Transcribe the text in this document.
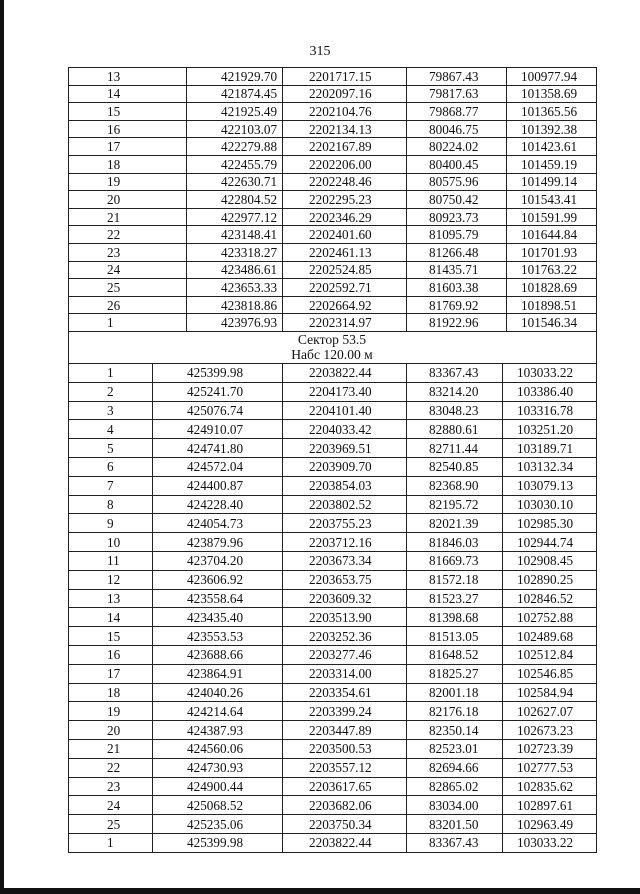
315
13	421929.70	2201717.15	79867.43	100977.94
14	421874.45	2202097.16	79817.63	101358.69
15	421925.49	2202104.76	79868.77	101365.56
16	422103.07	2202134.13	80046.75	101392.38
17	422279.88	2202167.89	80224.02	101423.61
18	422455.79	2202206.00	80400.45	101459.19
19	422630.71	2202248.46	80575.96	101499.14
20	422804.52	2202295.23	80750.42	101543.41
21	422977.12	2202346.29	80923.73	101591.99
22	423148.41	2202401.60	81095.79	101644.84
23	423318.27	2202461.13	81266.48	101701.93
24	423486.61	2202524.85	81435.71	101763.22
25	423653.33	2202592.71	81603.38	101828.69
26	423818.86	2202664.92	81769.92	101898.51
1	423976.93	2202314.97	81922.96	101546.34
Сектор 53.5
Набс 120.00 м
1	425399.98	2203822.44	83367.43	103033.22
2	425241.70	2204173.40	83214.20	103386.40
3	425076.74	2204101.40	83048.23	103316.78
4	424910.07	2204033.42	82880.61	103251.20
5	424741.80	2203969.51	82711.44	103189.71
6	424572.04	2203909.70	82540.85	103132.34
7	424400.87	2203854.03	82368.90	103079.13
8	424228.40	2203802.52	82195.72	103030.10
9	424054.73	2203755.23	82021.39	102985.30
10	423879.96	2203712.16	81846.03	102944.74
11	423704.20	2203673.34	81669.73	102908.45
12	423606.92	2203653.75	81572.18	102890.25
13	423558.64	2203609.32	81523.27	102846.52
14	423435.40	2203513.90	81398.68	102752.88
15	423553.53	2203252.36	81513.05	102489.68
16	423688.66	2203277.46	81648.52	102512.84
17	423864.91	2203314.00	81825.27	102546.85
18	424040.26	2203354.61	82001.18	102584.94
19	424214.64	2203399.24	82176.18	102627.07
20	424387.93	2203447.89	82350.14	102673.23
21	424560.06	2203500.53	82523.01	102723.39
22	424730.93	2203557.12	82694.66	102777.53
23	424900.44	2203617.65	82865.02	102835.62
24	425068.52	2203682.06	83034.00	102897.61
25	425235.06	2203750.34	83201.50	102963.49
1	425399.98	2203822.44	83367.43	103033.22
